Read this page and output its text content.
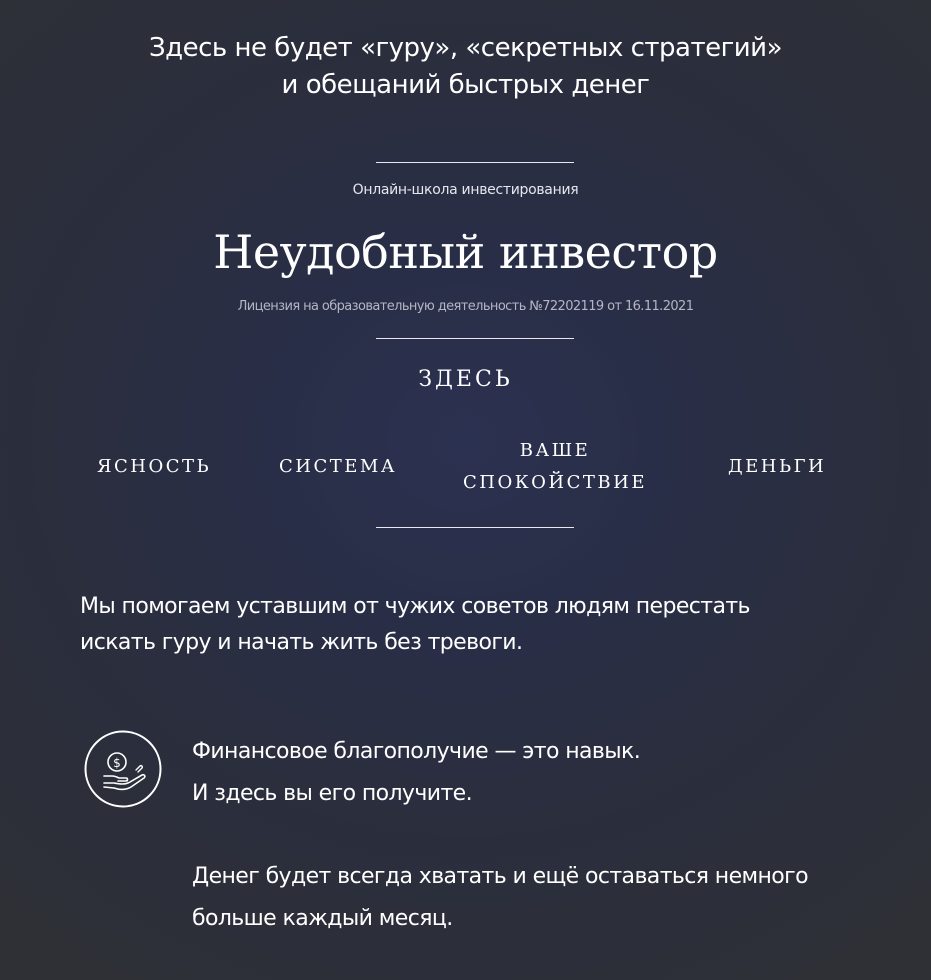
Здесь не будет «гуру», «секретных стратегий»
и обещаний быстрых денег
Онлайн-школа инвестирования
Неудобный инвестор
Лицензия на образовательную деятельность №72202119 от 16.11.2021
ЗДЕСЬ
ЯСНОСТЬ	СИСТЕМА
ВАШЕ СПОКОЙСТВИЕ
ДЕНЬГИ
Мы помогаем уставшим от чужих советов людям перестать
искать гуру и начать жить без тревоги.
$	Финансовое благополучие — это навык.
И здесь вы его получите.
Денег будет всегда хватать и ещё оставаться немного
больше каждый месяц.
